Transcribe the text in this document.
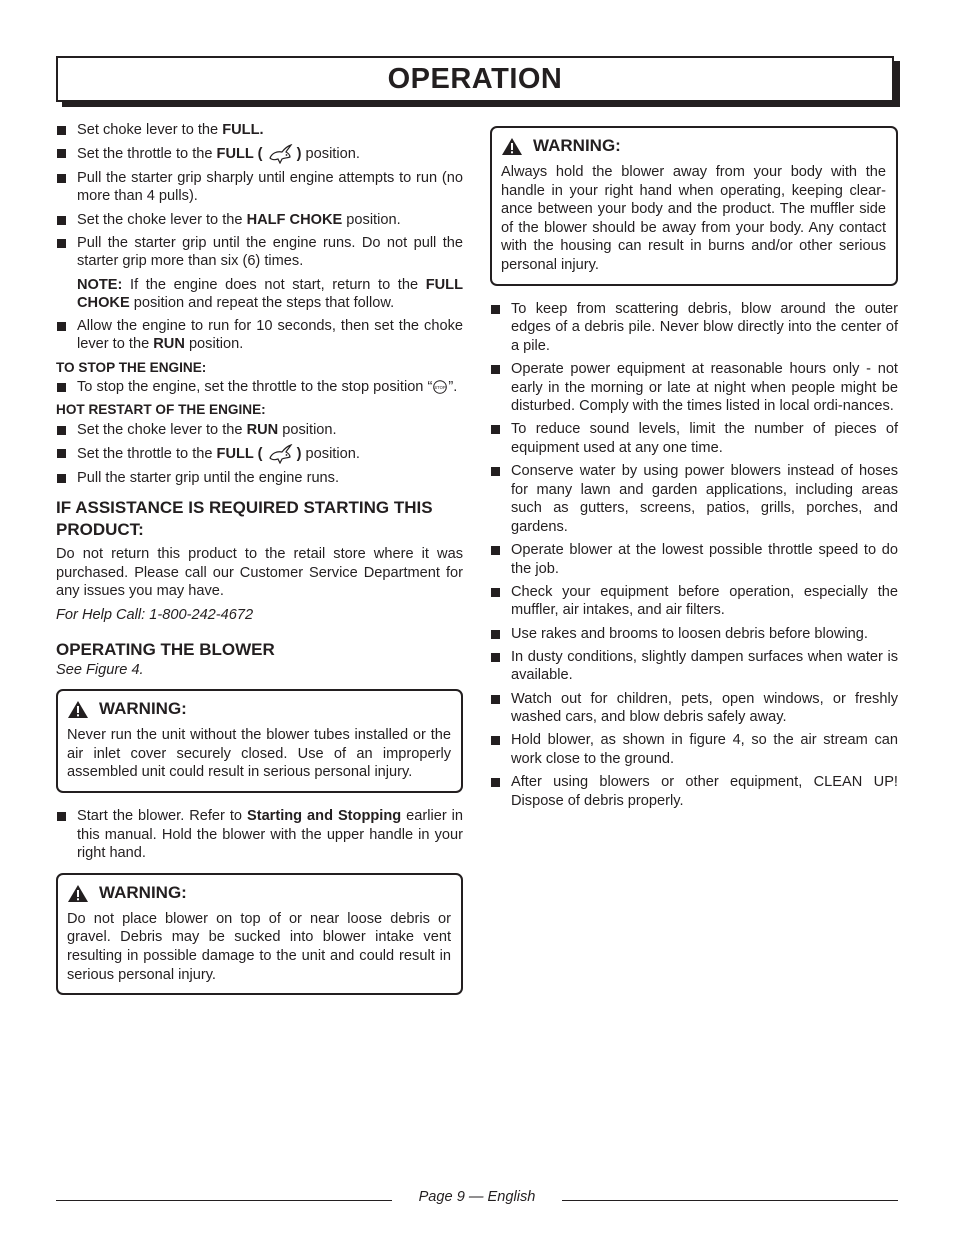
OPERATION
Set choke lever to the FULL.
Set the throttle to the FULL ( ) position.
Pull the starter grip sharply until engine attempts to run (no more than 4 pulls).
Set the choke lever to the HALF CHOKE position.
Pull the starter grip until the engine runs. Do not pull the starter grip more than six (6) times.

NOTE: If the engine does not start, return to the FULL CHOKE position and repeat the steps that follow.

Allow the engine to run for 10 seconds, then set the choke lever to the RUN position.
TO STOP THE ENGINE:
To stop the engine, set the throttle to the stop position “ STOP ”.
HOT RESTART OF THE ENGINE:
Set the choke lever to the RUN position.
Set the throttle to the FULL ( ) position.
Pull the starter grip until the engine runs.
IF ASSISTANCE IS REQUIRED STARTING THIS PRODUCT:

Do not return this product to the retail store where it was purchased. Please call our Customer Service Department for any issues you may have.

For Help Call: 1-800-242-4672

OPERATING THE BLOWER

See Figure 4.

WARNING:

Never run the unit without the blower tubes installed or the air inlet cover securely closed. Use of an improperly assembled unit could result in serious personal injury.

Start the blower. Refer to Starting and Stopping earlier in this manual. Hold the blower with the upper handle in your right hand.
WARNING:

Do not place blower on top of or near loose debris or gravel. Debris may be sucked into blower intake vent resulting in possible damage to the unit and could result in serious personal injury.

WARNING:

Always hold the blower away from your body with the handle in your right hand when operating, keeping clear-ance between your body and the product. The muffler side of the blower should be away from your body. Any contact with the housing can result in burns and/or other serious personal injury.

To keep from scattering debris, blow around the outer edges of a debris pile. Never blow directly into the center of a pile.
Operate power equipment at reasonable hours only - not early in the morning or late at night when people might be disturbed. Comply with the times listed in local ordi-nances.
To reduce sound levels, limit the number of pieces of equipment used at any one time.
Conserve water by using power blowers instead of hoses for many lawn and garden applications, including areas such as gutters, screens, patios, grills, porches, and gardens.
Operate blower at the lowest possible throttle speed to do the job.
Check your equipment before operation, especially the muffler, air intakes, and air filters.
Use rakes and brooms to loosen debris before blowing.
In dusty conditions, slightly dampen surfaces when water is available.
Watch out for children, pets, open windows, or freshly washed cars, and blow debris safely away.
Hold blower, as shown in figure 4, so the air stream can work close to the ground.
After using blowers or other equipment, CLEAN UP! Dispose of debris properly.
Page 9 — English
